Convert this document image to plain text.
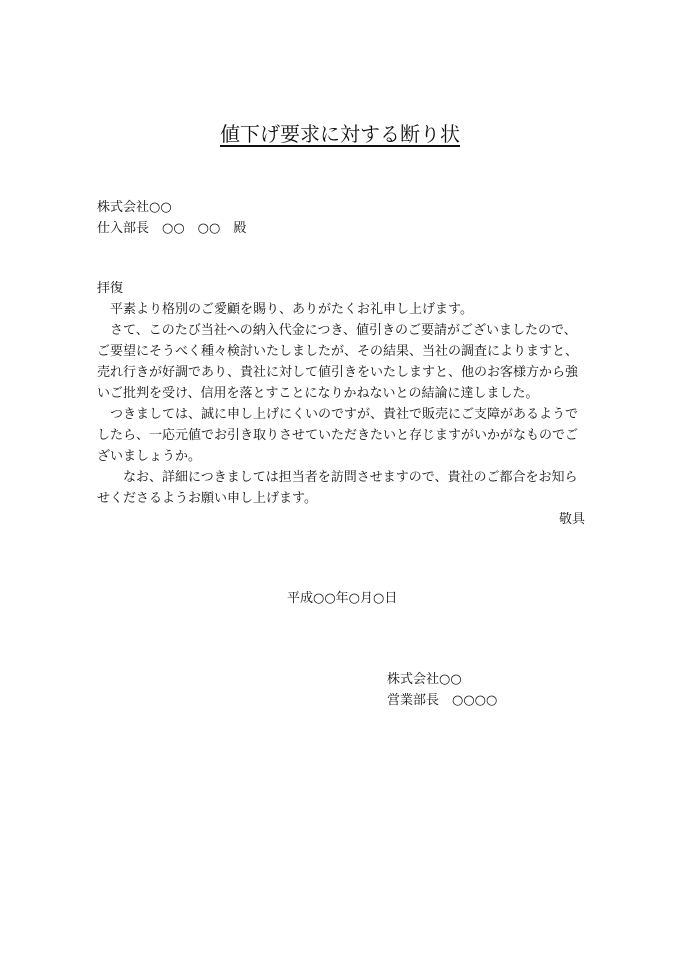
値下げ要求に対する断り状
株式会社○○
仕入部長　○○　○○　殿

拝復

平素より格別のご愛顧を賜り、ありがたくお礼申し上げます。

さて、このたび当社への納入代金につき、値引きのご要請がございましたので、ご要望にそうべく種々検討いたしましたが、その結果、当社の調査によりますと、売れ行きが好調であり、貴社に対して値引きをいたしますと、他のお客様方から強いご批判を受け、信用を落とすことになりかねないとの結論に達しました。

つきましては、誠に申し上げにくいのですが、貴社で販売にご支障があるようでしたら、一応元値でお引き取りさせていただきたいと存じますがいかがなものでございましょうか。

なお、詳細につきましては担当者を訪問させますので、貴社のご都合をお知らせくださるようお願い申し上げます。

敬具

平成○○年○月○日
株式会社○○
営業部長　○○○○
